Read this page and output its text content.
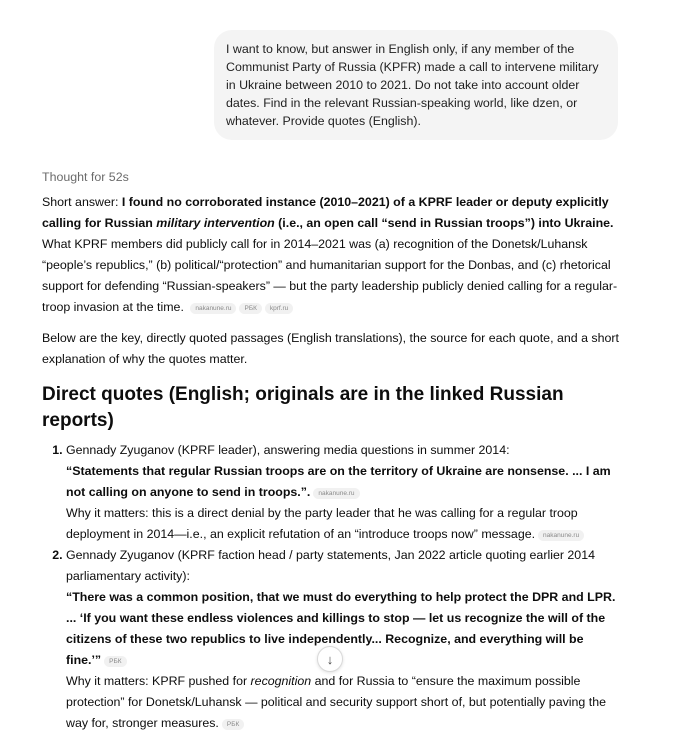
I want to know, but answer in English only, if any member of the Communist Party of Russia (KPFR) made a call to intervene military in Ukraine between 2010 to 2021. Do not take into account older dates. Find in the relevant Russian-speaking world, like dzen, or whatever. Provide quotes (English).
Thought for 52s

Short answer: I found no corroborated instance (2010–2021) of a KPRF leader or deputy explicitly calling for Russian military intervention (i.e., an open call “send in Russian troops”) into Ukraine. What KPRF members did publicly call for in 2014–2021 was (a) recognition of the Donetsk/Luhansk “people’s republics,” (b) political/“protection” and humanitarian support for the Donbas, and (c) rhetorical support for defending “Russian-speakers” — but the party leadership publicly denied calling for a regular-troop invasion at the time. nakanune.ru РБК kprf.ru

Below are the key, directly quoted passages (English translations), the source for each quote, and a short explanation of why the quotes matter.

Direct quotes (English; originals are in the linked Russian reports)
1. Gennady Zyuganov (KPRF leader), answering media questions in summer 2014:
“Statements that regular Russian troops are on the territory of Ukraine are nonsense. ... I am not calling on anyone to send in troops.”. nakanune.ru
Why it matters: this is a direct denial by the party leader that he was calling for a regular troop deployment in 2014—i.e., an explicit refutation of an “introduce troops now” message. nakanune.ru
2. Gennady Zyuganov (KPRF faction head / party statements, Jan 2022 article quoting earlier 2014 parliamentary activity):
“There was a common position, that we must do everything to help protect the DPR and LPR. ... ‘If you want these endless violences and killings to stop — let us recognize the will of the citizens of these two republics to live independently... Recognize, and everything will be fine.’” РБК
Why it matters: KPRF pushed for recognition and for Russia to “ensure the maximum possible protection” for Donetsk/Luhansk — political and security support short of, but potentially paving the way for, stronger measures. РБК
↓
